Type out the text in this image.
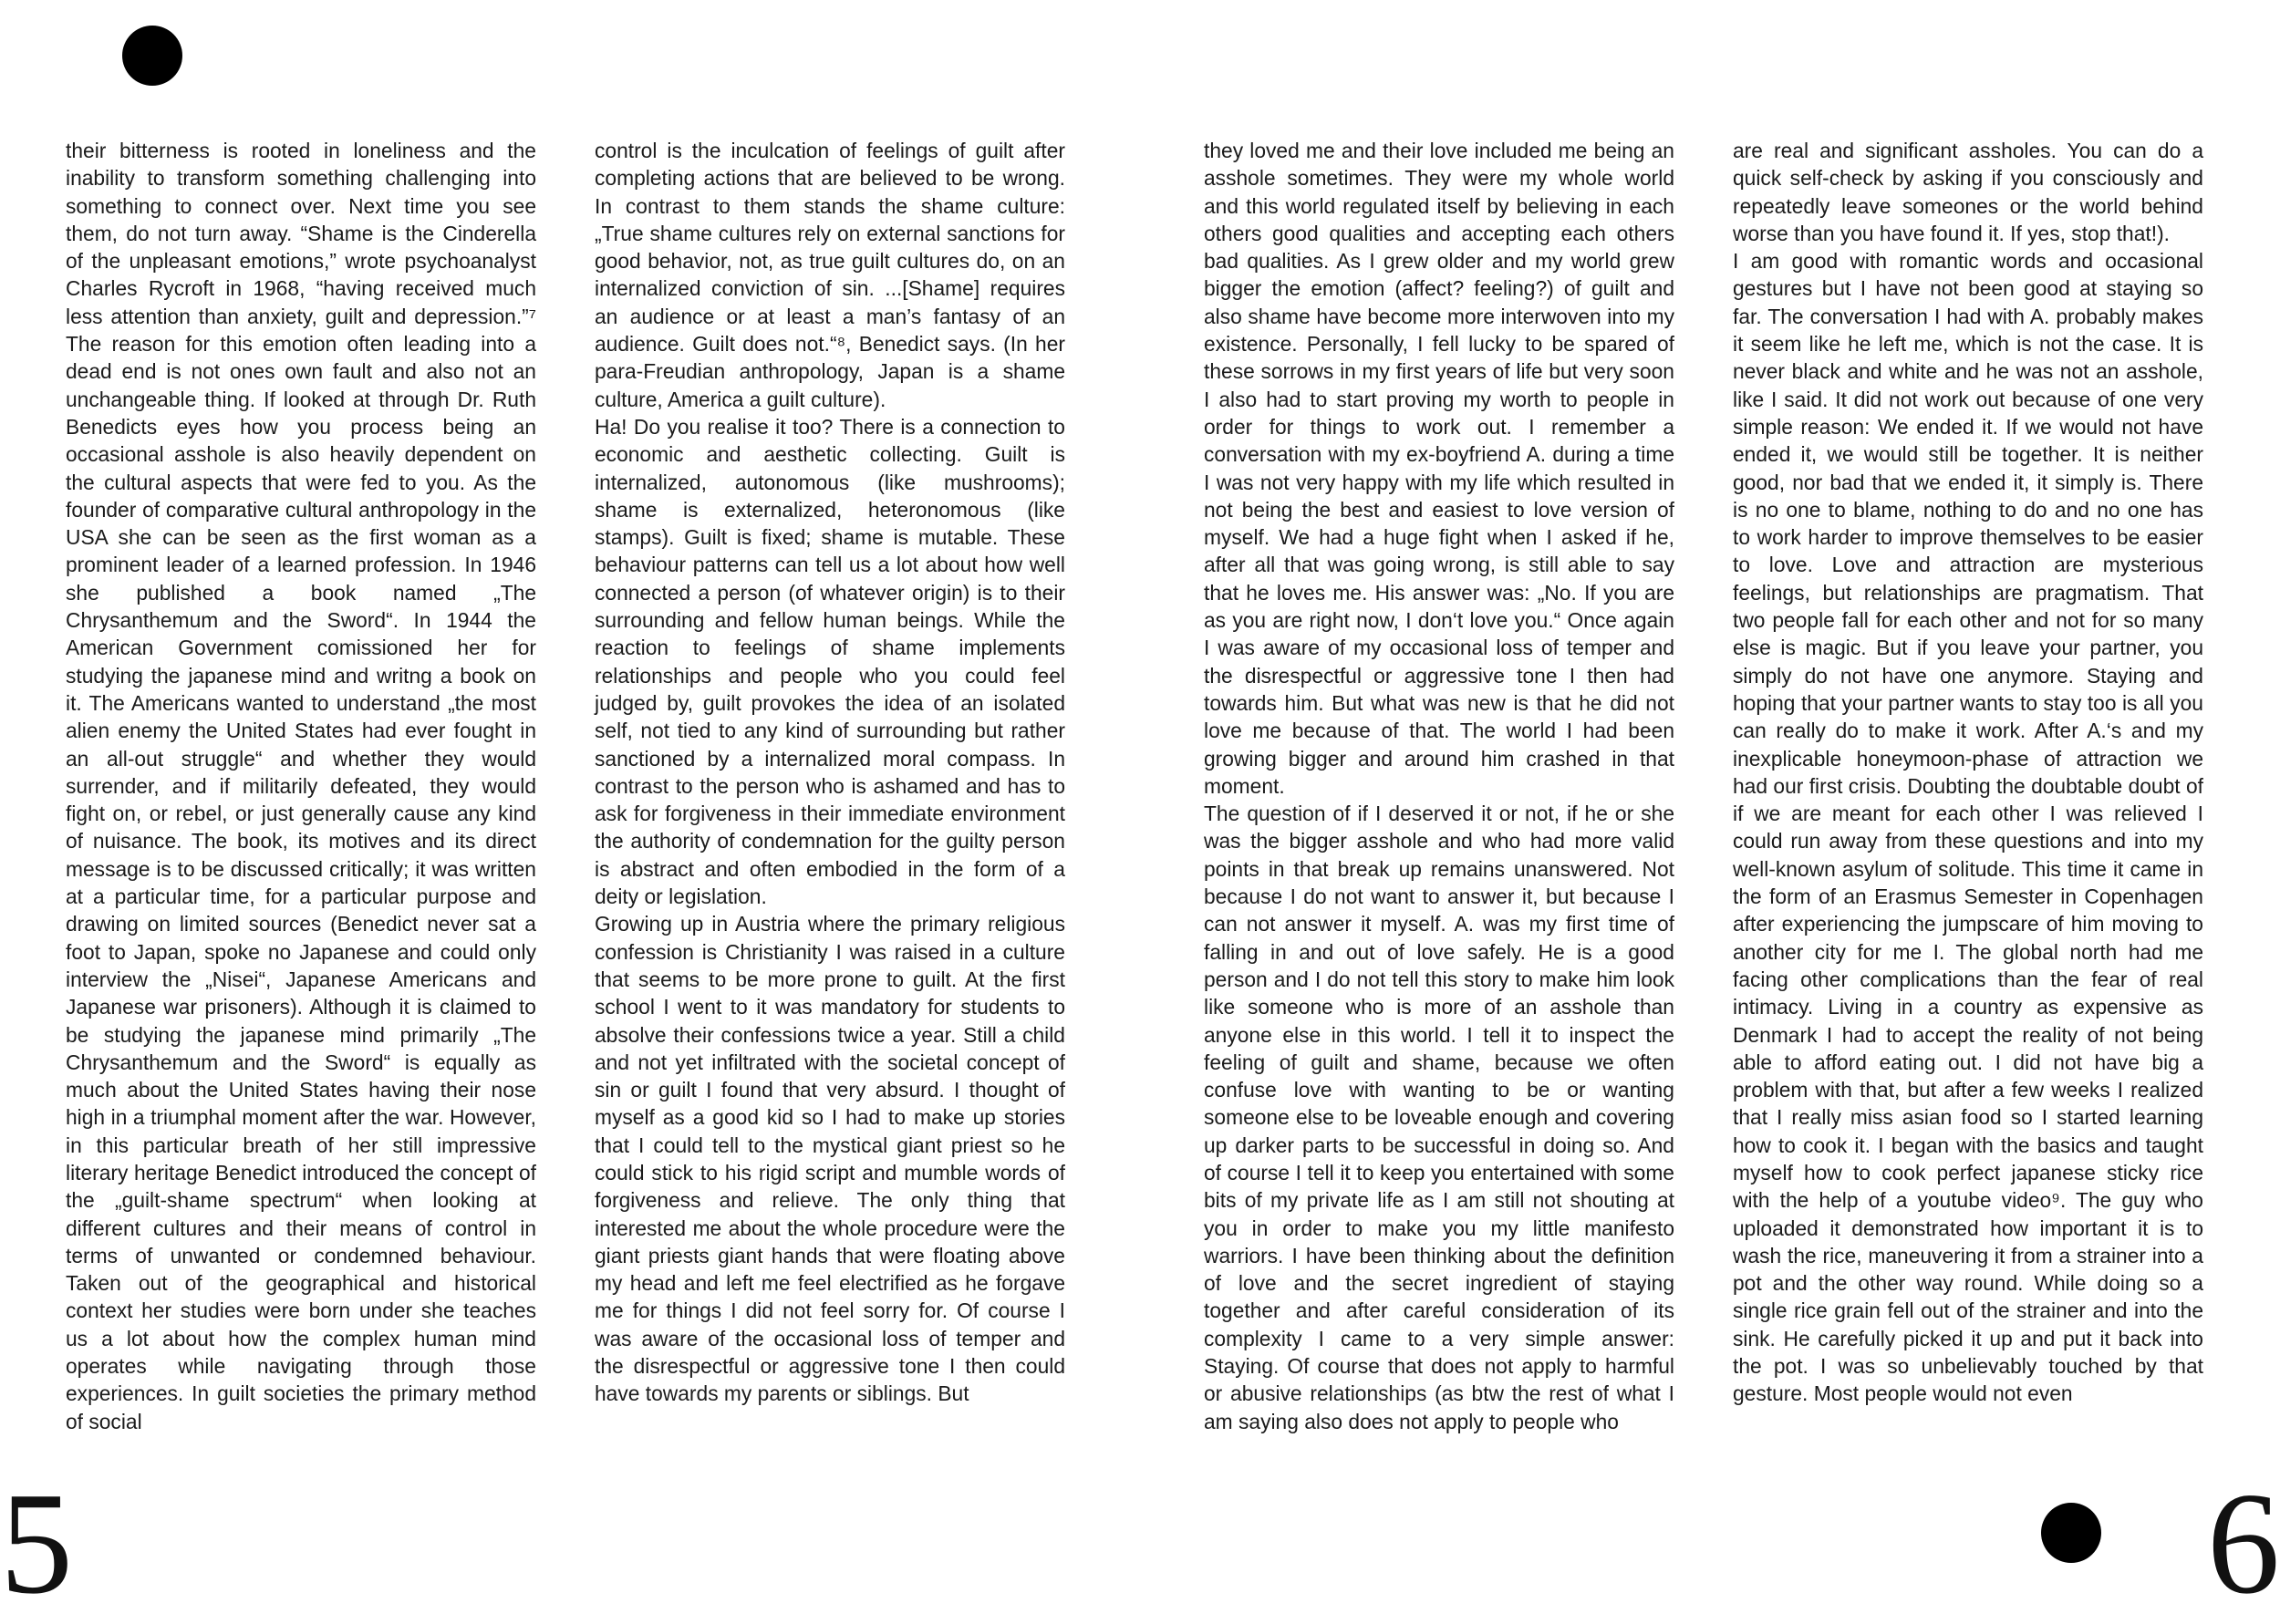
5	6

their bitterness is rooted in loneliness and the inability to transform something challenging into something to connect over. Next time you see them, do not turn away. “Shame is the Cinderella of the unpleasant emotions,” wrote psychoanalyst Charles Rycroft in 1968, “having received much less attention than anxiety, guilt and depression.”⁷ The reason for this emotion often leading into a dead end is not ones own fault and also not an unchangeable thing. If looked at through Dr. Ruth Benedicts eyes how you process being an occasional asshole is also heavily dependent on the cultural aspects that were fed to you. As the founder of comparative cultural anthropology in the USA she can be seen as the first woman as a prominent leader of a learned profession. In 1946 she published a book named „The Chrysanthemum and the Sword“. In 1944 the American Government comissioned her for studying the japanese mind and writng a book on it. The Americans wanted to understand „the most alien enemy the United States had ever fought in an all-out struggle“ and whether they would surrender, and if militarily defeated, they would fight on, or rebel, or just generally cause any kind of nuisance. The book, its motives and its direct message is to be discussed critically; it was written at a particular time, for a particular purpose and drawing on limited sources (Benedict never sat a foot to Japan, spoke no Japanese and could only interview the „Nisei“, Japanese Americans and Japanese war prisoners). Although it is claimed to be studying the japanese mind primarily „The Chrysanthemum and the Sword“ is equally as much about the United States having their nose high in a triumphal moment after the war. However, in this particular breath of her still impressive literary heritage Benedict introduced the concept of the „guilt-shame spectrum“ when looking at different cultures and their means of control in terms of unwanted or condemned behaviour. Taken out of the geographical and historical context her studies were born under she teaches us a lot about how the complex human mind operates while navigating through those experiences. In guilt societies the primary method of social

control is the inculcation of feelings of guilt after completing actions that are believed to be wrong. In contrast to them stands the shame culture: „True shame cultures rely on external sanctions for good behavior, not, as true guilt cultures do, on an internalized conviction of sin. ...[Shame] requires an audience or at least a man’s fantasy of an audience. Guilt does not.“⁸, Benedict says. (In her para-Freudian anthropology, Japan is a shame culture, America a guilt culture).

Ha! Do you realise it too? There is a connection to economic and aesthetic collecting. Guilt is internalized, autonomous (like mushrooms); shame is externalized, heteronomous (like stamps). Guilt is fixed; shame is mutable. These behaviour patterns can tell us a lot about how well connected a person (of whatever origin) is to their surrounding and fellow human beings. While the reaction to feelings of shame implements relationships and people who you could feel judged by, guilt provokes the idea of an isolated self, not tied to any kind of surrounding but rather sanctioned by a internalized moral compass. In contrast to the person who is ashamed and has to ask for forgiveness in their immediate environment the authority of condemnation for the guilty person is abstract and often embodied in the form of a deity or legislation.

Growing up in Austria where the primary religious confession is Christianity I was raised in a culture that seems to be more prone to guilt. At the first school I went to it was mandatory for students to absolve their confessions twice a year. Still a child and not yet infiltrated with the societal concept of sin or guilt I found that very absurd. I thought of myself as a good kid so I had to make up stories that I could tell to the mystical giant priest so he could stick to his rigid script and mumble words of forgiveness and relieve. The only thing that interested me about the whole procedure were the giant priests giant hands that were floating above my head and left me feel electrified as he forgave me for things I did not feel sorry for. Of course I was aware of the occasional loss of temper and the disrespectful or aggressive tone I then could have towards my parents or siblings. But

they loved me and their love included me being an asshole sometimes. They were my whole world and this world regulated itself by believing in each others good qualities and accepting each others bad qualities. As I grew older and my world grew bigger the emotion (affect? feeling?) of guilt and also shame have become more interwoven into my existence. Personally, I fell lucky to be spared of these sorrows in my first years of life but very soon I also had to start proving my worth to people in order for things to work out. I remember a conversation with my ex-boyfriend A. during a time I was not very happy with my life which resulted in not being the best and easiest to love version of myself. We had a huge fight when I asked if he, after all that was going wrong, is still able to say that he loves me. His answer was: „No. If you are as you are right now, I don‘t love you.“ Once again I was aware of my occasional loss of temper and the disrespectful or aggressive tone I then had towards him. But what was new is that he did not love me because of that. The world I had been growing bigger and around him crashed in that moment.

The question of if I deserved it or not, if he or she was the bigger asshole and who had more valid points in that break up remains unanswered. Not because I do not want to answer it, but because I can not answer it myself. A. was my first time of falling in and out of love safely. He is a good person and I do not tell this story to make him look like someone who is more of an asshole than anyone else in this world. I tell it to inspect the feeling of guilt and shame, because we often confuse love with wanting to be or wanting someone else to be loveable enough and covering up darker parts to be successful in doing so. And of course I tell it to keep you entertained with some bits of my private life as I am still not shouting at you in order to make you my little manifesto warriors. I have been thinking about the definition of love and the secret ingredient of staying together and after careful consideration of its complexity I came to a very simple answer: Staying. Of course that does not apply to harmful or abusive relationships (as btw the rest of what I am saying also does not apply to people who

are real and significant assholes. You can do a quick self-check by asking if you consciously and repeatedly leave someones or the world behind worse than you have found it. If yes, stop that!).

I am good with romantic words and occasional gestures but I have not been good at staying so far. The conversation I had with A. probably makes it seem like he left me, which is not the case. It is never black and white and he was not an asshole, like I said. It did not work out because of one very simple reason: We ended it. If we would not have ended it, we would still be together. It is neither good, nor bad that we ended it, it simply is. There is no one to blame, nothing to do and no one has to work harder to improve themselves to be easier to love. Love and attraction are mysterious feelings, but relationships are pragmatism. That two people fall for each other and not for so many else is magic. But if you leave your partner, you simply do not have one anymore. Staying and hoping that your partner wants to stay too is all you can really do to make it work. After A.‘s and my inexplicable honeymoon-phase of attraction we had our first crisis. Doubting the doubtable doubt of if we are meant for each other I was relieved I could run away from these questions and into my well-known asylum of solitude. This time it came in the form of an Erasmus Semester in Copenhagen after experiencing the jumpscare of him moving to another city for me I. The global north had me facing other complications than the fear of real intimacy. Living in a country as expensive as Denmark I had to accept the reality of not being able to afford eating out. I did not have big a problem with that, but after a few weeks I realized that I really miss asian food so I started learning how to cook it. I began with the basics and taught myself how to cook perfect japanese sticky rice with the help of a youtube video⁹. The guy who uploaded it demonstrated how important it is to wash the rice, maneuvering it from a strainer into a pot and the other way round. While doing so a single rice grain fell out of the strainer and into the sink. He carefully picked it up and put it back into the pot. I was so unbelievably touched by that gesture. Most people would not even
